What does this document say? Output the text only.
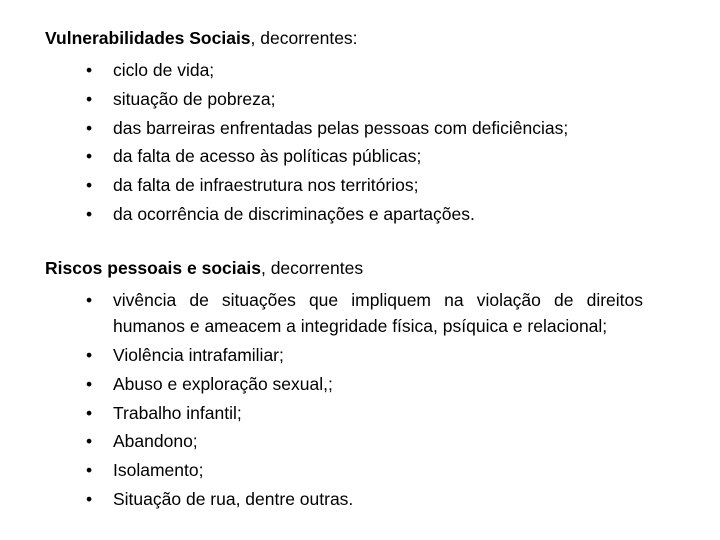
Vulnerabilidades Sociais, decorrentes:

•	ciclo de vida;
•	situação de pobreza;
•	das barreiras enfrentadas pelas pessoas com deficiências;
•	da falta de acesso às políticas públicas;
•	da falta de infraestrutura nos territórios;
•	da ocorrência de discriminações e apartações.

Riscos pessoais e sociais, decorrentes

•	vivência de situações que impliquem na violação de direitos humanos e ameacem a integridade física, psíquica e relacional;
•	Violência intrafamiliar;
•	Abuso e exploração sexual,;
•	Trabalho infantil;
•	Abandono;
•	Isolamento;
•	Situação de rua, dentre outras.
